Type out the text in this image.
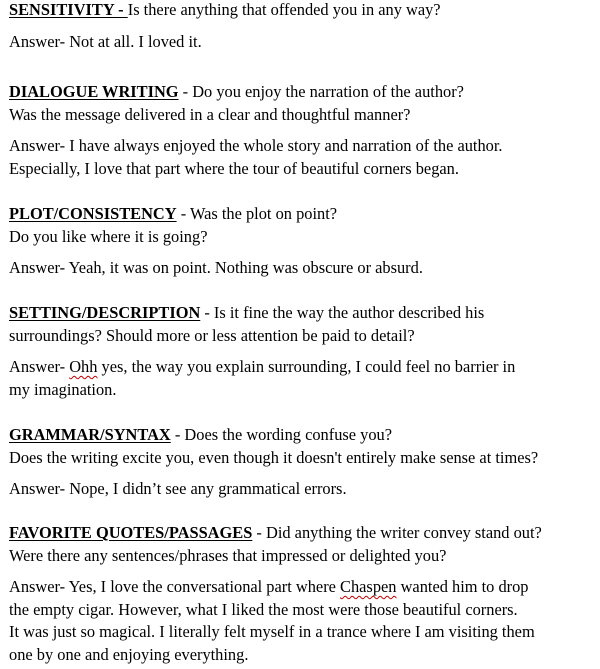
SENSITIVITY - Is there anything that offended you in any way?

Answer- Not at all. I loved it.

DIALOGUE WRITING - Do you enjoy the narration of the author?
Was the message delivered in a clear and thoughtful manner?

Answer- I have always enjoyed the whole story and narration of the author.
Especially, I love that part where the tour of beautiful corners began.

PLOT/CONSISTENCY - Was the plot on point?
Do you like where it is going?

Answer- Yeah, it was on point. Nothing was obscure or absurd.

SETTING/DESCRIPTION - Is it fine the way the author described his
surroundings? Should more or less attention be paid to detail?

Answer- Ohh yes, the way you explain surrounding, I could feel no barrier in
my imagination.

GRAMMAR/SYNTAX - Does the wording confuse you?
Does the writing excite you, even though it doesn't entirely make sense at times?

Answer- Nope, I didn’t see any grammatical errors.

FAVORITE QUOTES/PASSAGES - Did anything the writer convey stand out?
Were there any sentences/phrases that impressed or delighted you?

Answer- Yes, I love the conversational part where Chaspen wanted him to drop
the empty cigar. However, what I liked the most were those beautiful corners.
It was just so magical. I literally felt myself in a trance where I am visiting them
one by one and enjoying everything.
